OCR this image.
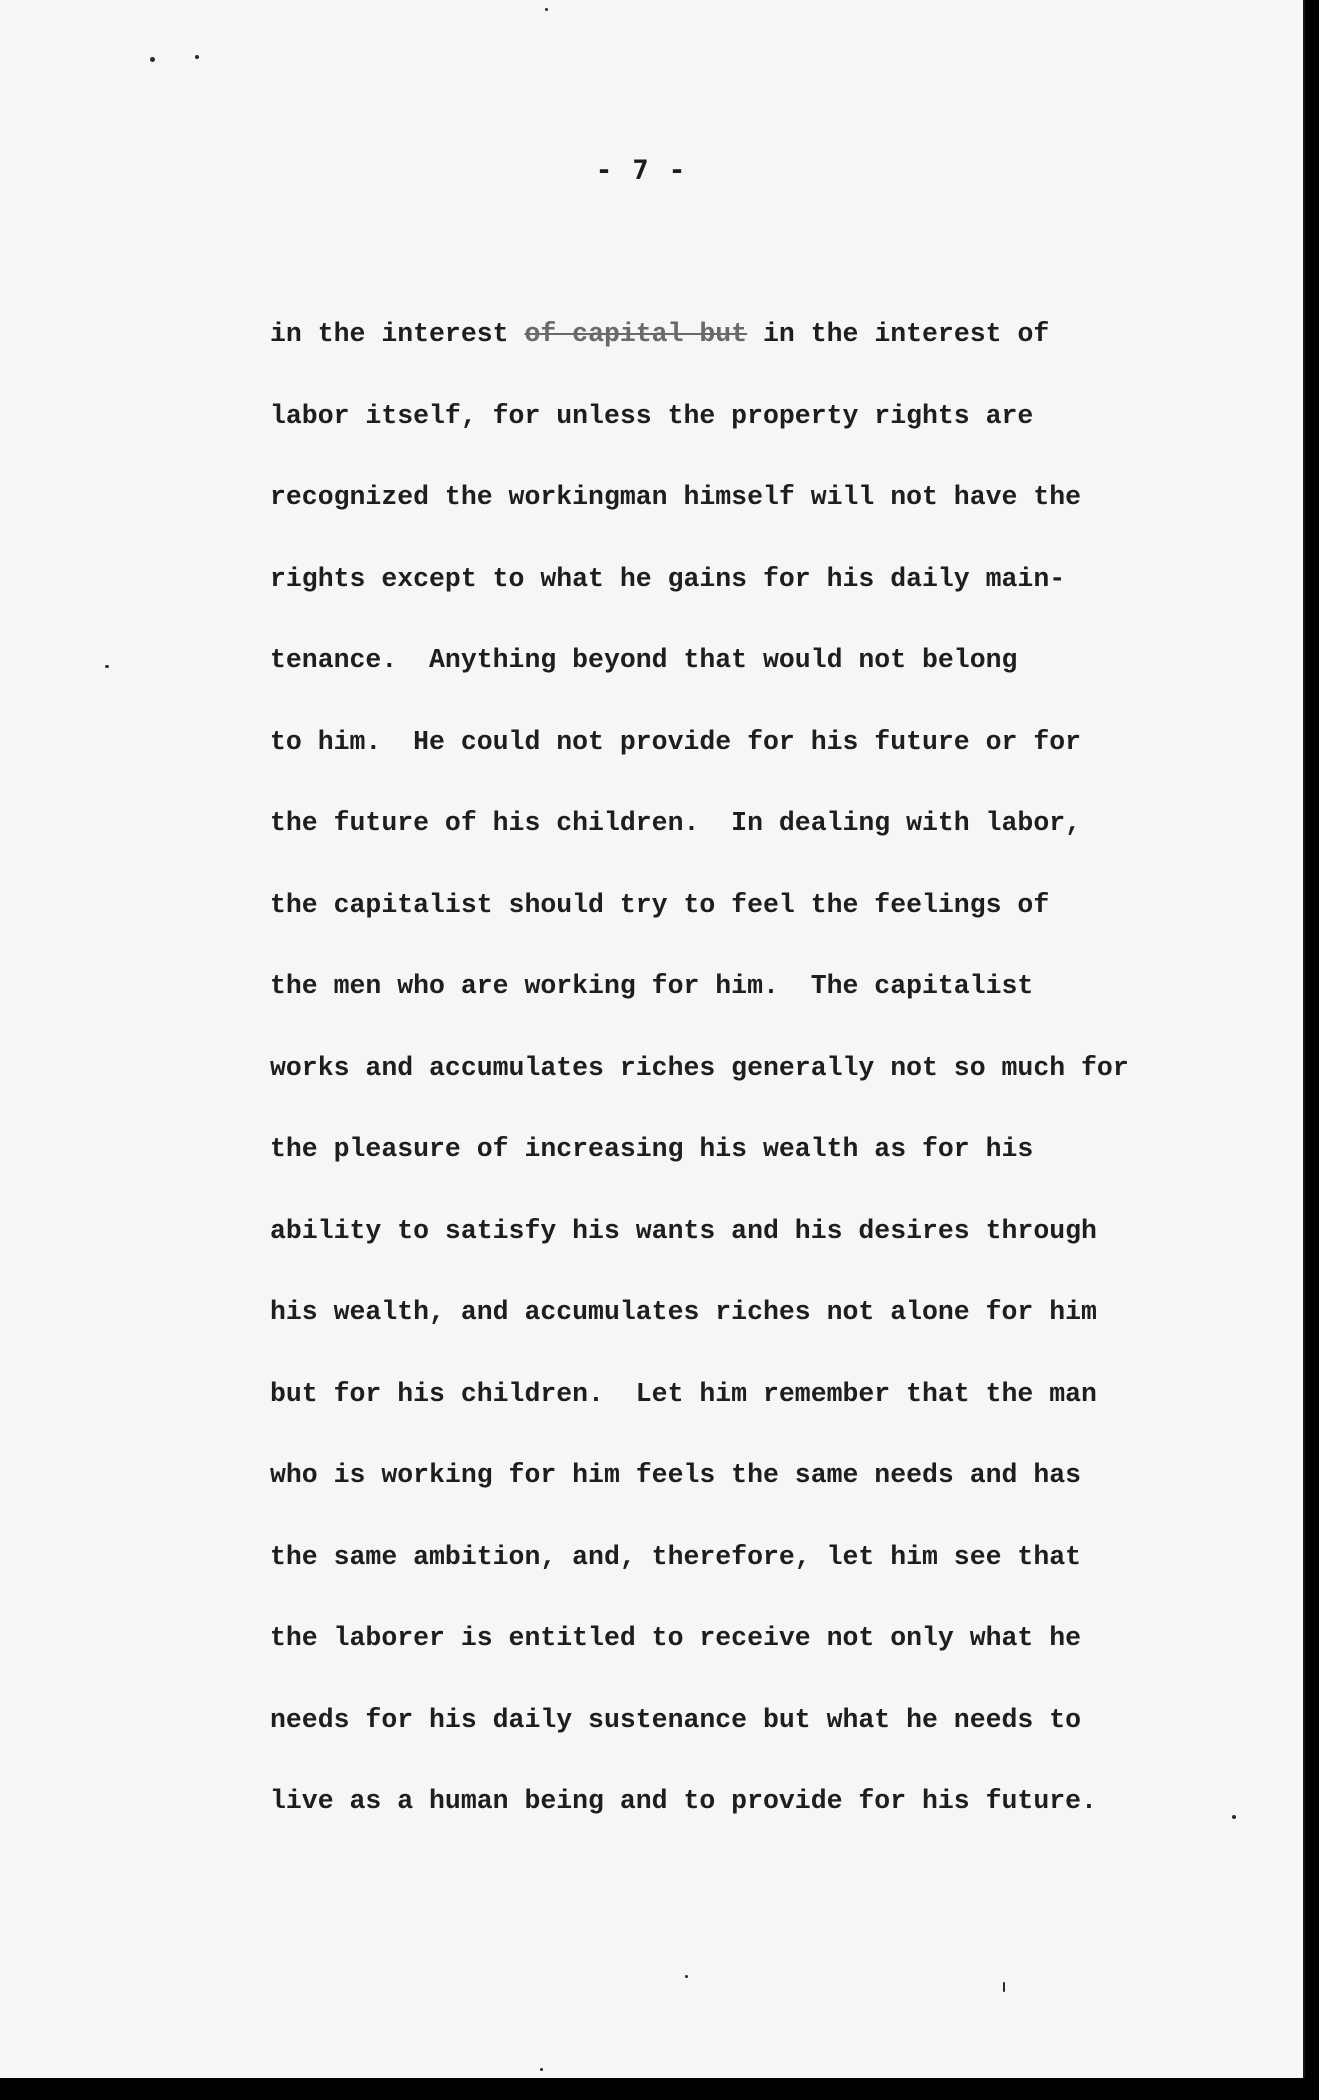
- 7 -
in the interest of capital but in the interest of
labor itself, for unless the property rights are
recognized the workingman himself will not have the
rights except to what he gains for his daily main-
tenance.  Anything beyond that would not belong
to him.  He could not provide for his future or for
the future of his children.  In dealing with labor,
the capitalist should try to feel the feelings of
the men who are working for him.  The capitalist
works and accumulates riches generally not so much for
the pleasure of increasing his wealth as for his
ability to satisfy his wants and his desires through
his wealth, and accumulates riches not alone for him
but for his children.  Let him remember that the man
who is working for him feels the same needs and has
the same ambition, and, therefore, let him see that
the laborer is entitled to receive not only what he
needs for his daily sustenance but what he needs to
live as a human being and to provide for his future.
